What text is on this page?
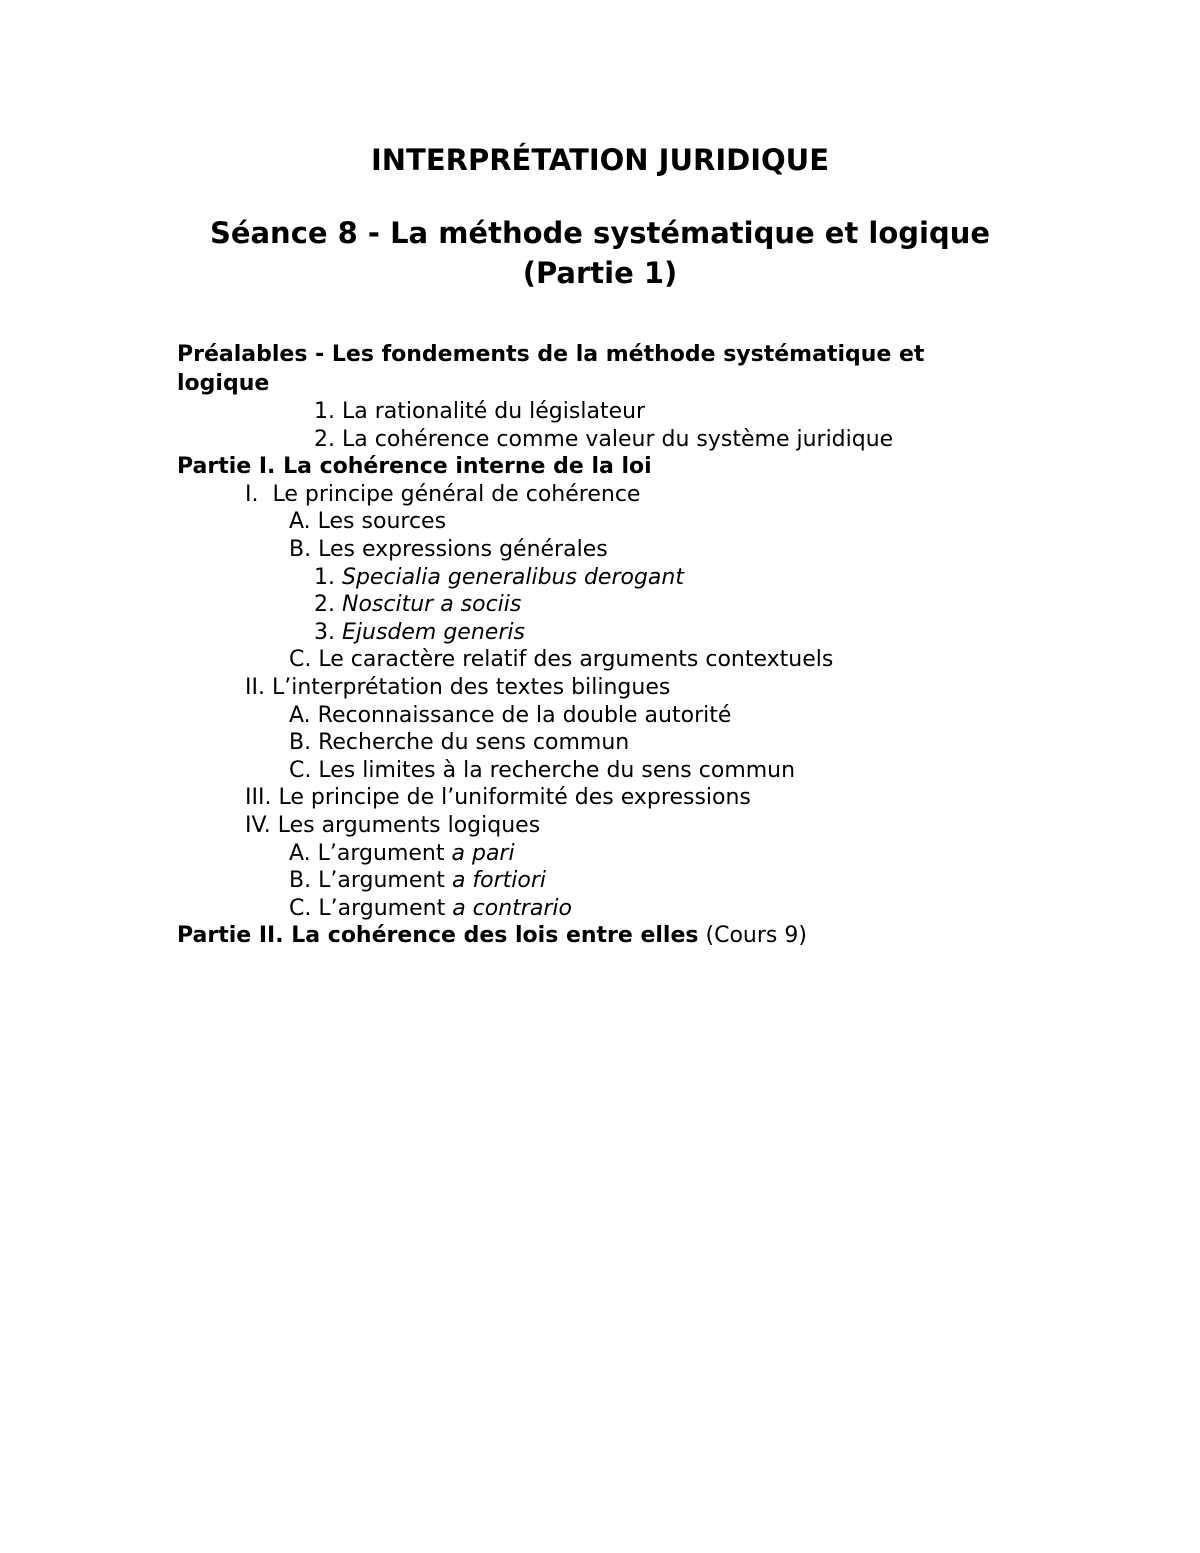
INTERPRÉTATION JURIDIQUE
Séance 8 - La méthode systématique et logique
(Partie 1)
Préalables - Les fondements de la méthode systématique et logique
1. La rationalité du législateur
2. La cohérence comme valeur du système juridique
Partie I. La cohérence interne de la loi
I. Le principe général de cohérence
A. Les sources
B. Les expressions générales
1. Specialia generalibus derogant
2. Noscitur a sociis
3. Ejusdem generis
C. Le caractère relatif des arguments contextuels
II. L’interprétation des textes bilingues
A. Reconnaissance de la double autorité
B. Recherche du sens commun
C. Les limites à la recherche du sens commun
III. Le principe de l’uniformité des expressions
IV. Les arguments logiques
A. L’argument a pari
B. L’argument a fortiori
C. L’argument a contrario
Partie II. La cohérence des lois entre elles (Cours 9)
